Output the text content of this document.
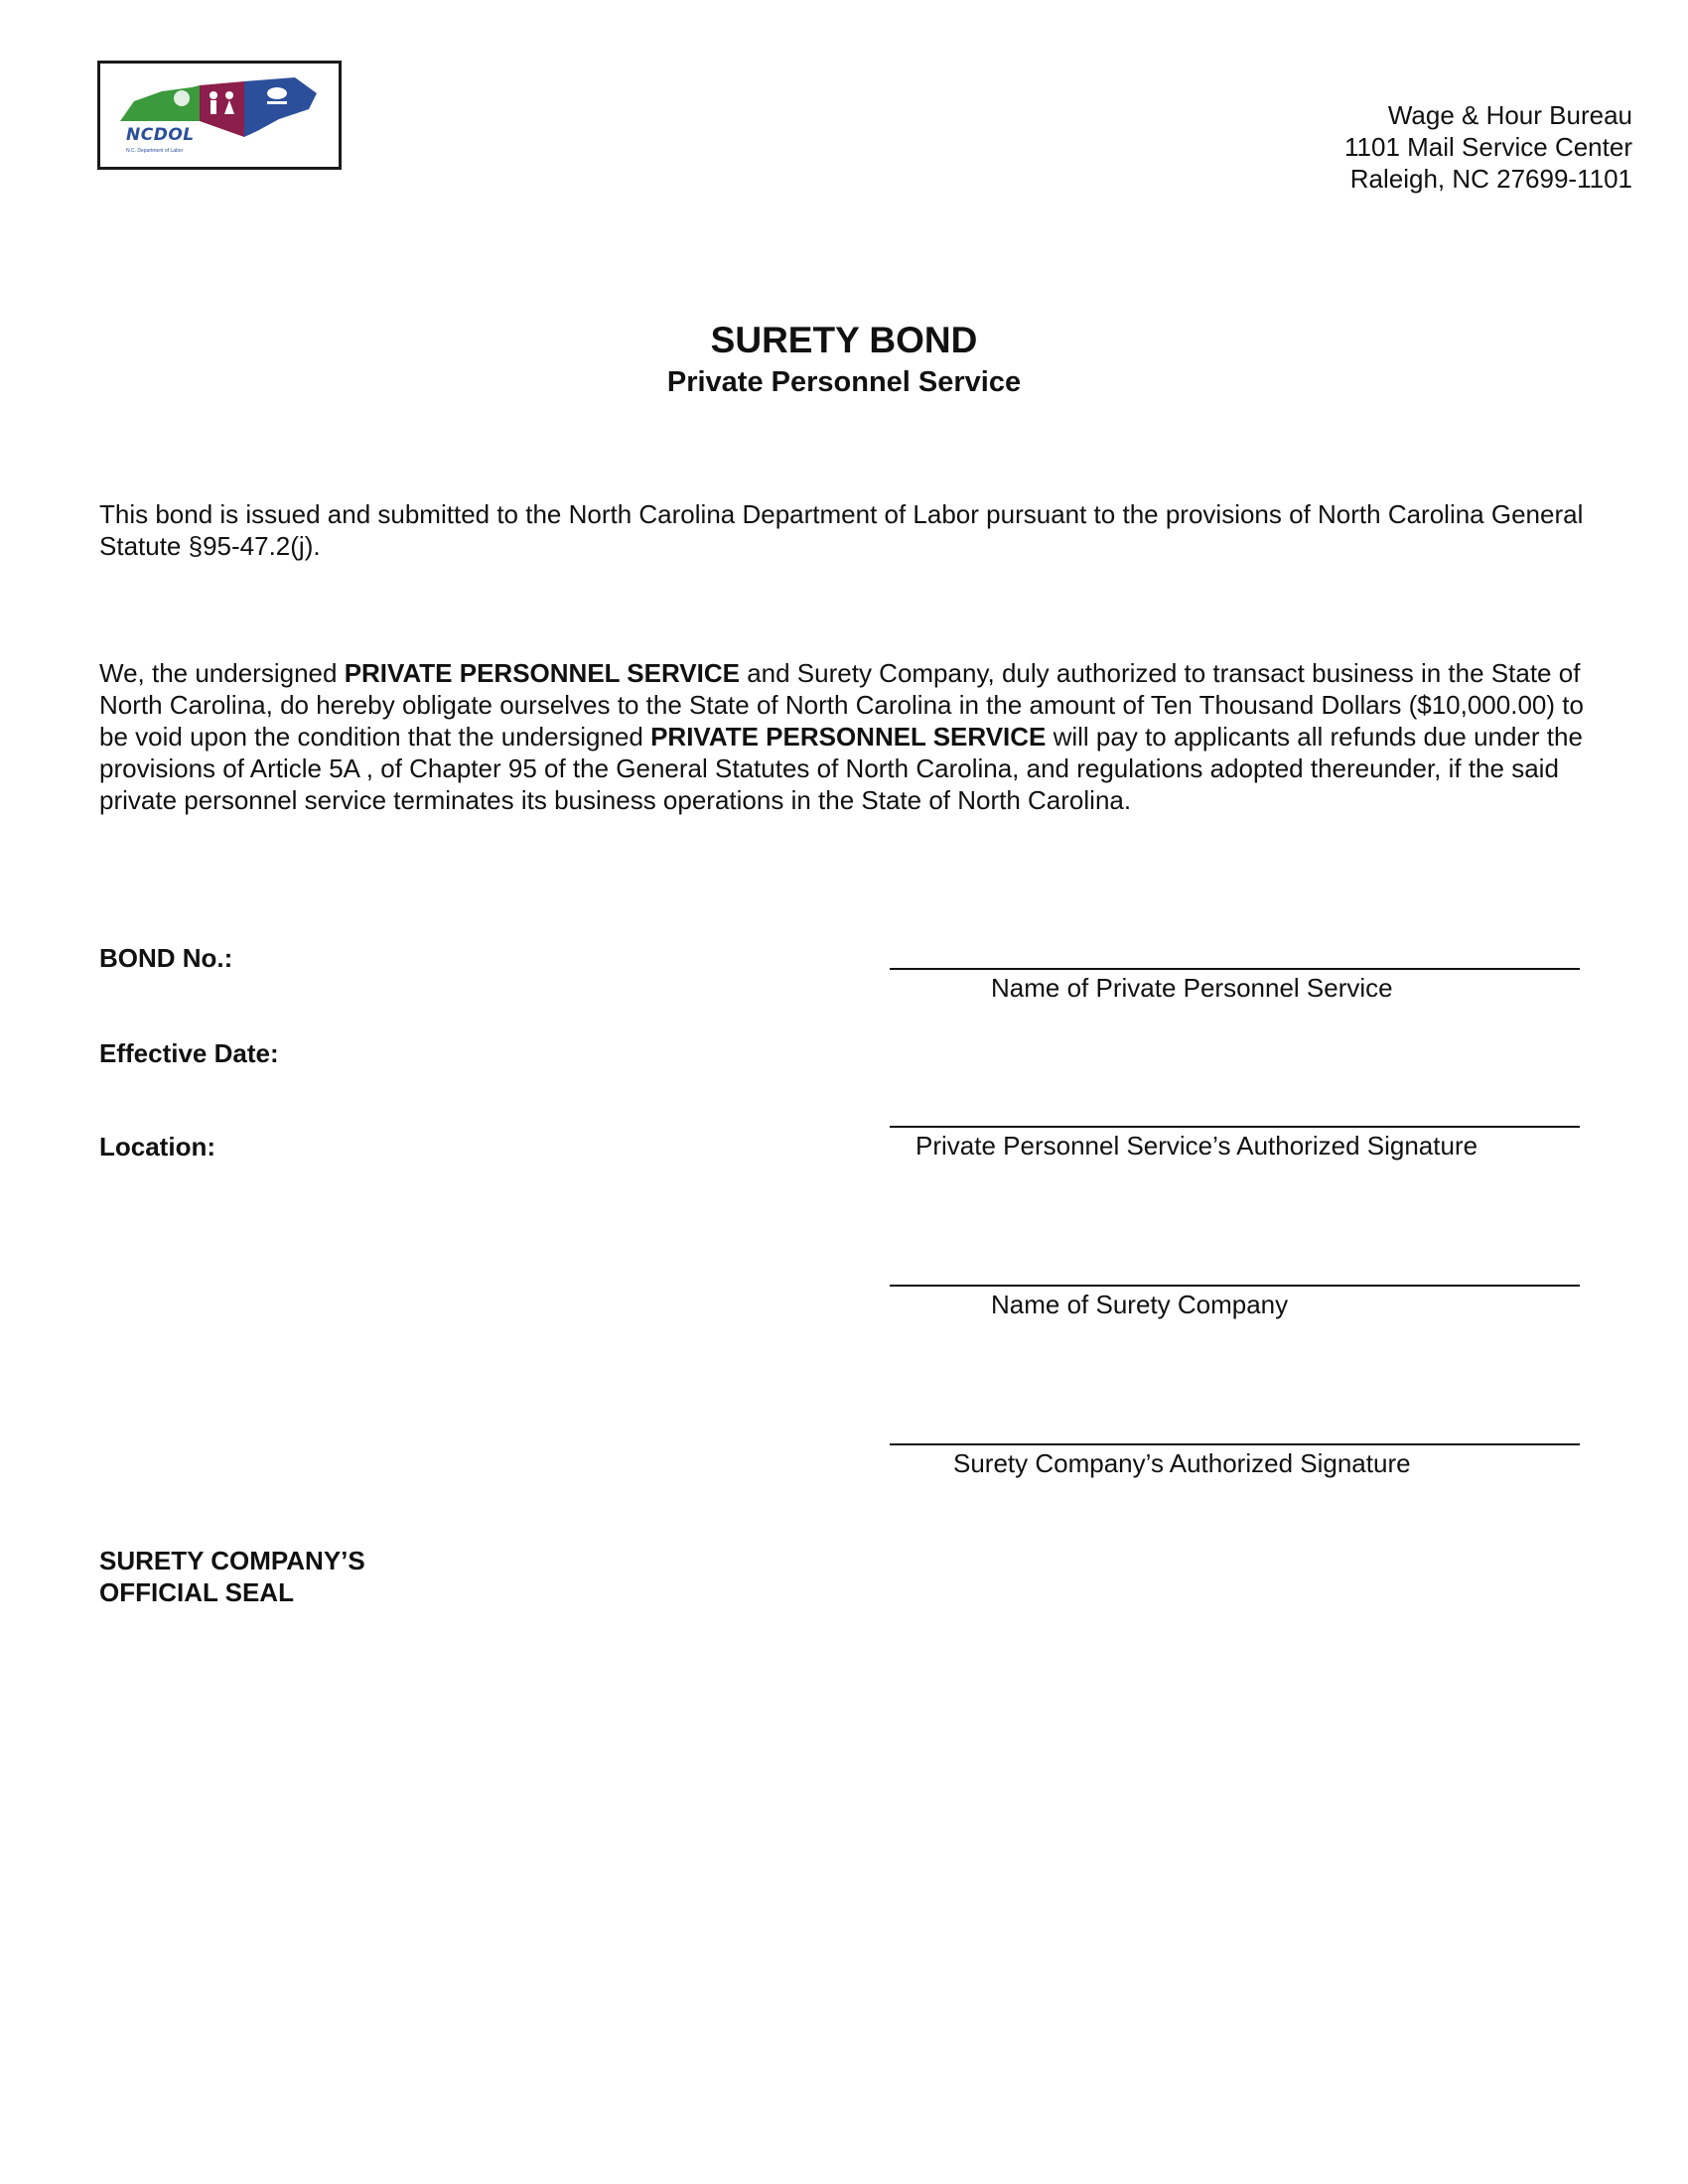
NCDOL
N.C. Department of Labor
Wage & Hour Bureau
1101 Mail Service Center
Raleigh, NC 27699-1101
SURETY BOND
Private Personnel Service
This bond is issued and submitted to the North Carolina Department of Labor pursuant to the provisions of North Carolina General Statute §95-47.2(j).
We, the undersigned PRIVATE PERSONNEL SERVICE and Surety Company, duly authorized to transact business in the State of North Carolina, do hereby obligate ourselves to the State of North Carolina in the amount of Ten Thousand Dollars ($10,000.00) to be void upon the condition that the undersigned PRIVATE PERSONNEL SERVICE will pay to applicants all refunds due under the provisions of Article 5A , of Chapter 95 of the General Statutes of North Carolina, and regulations adopted thereunder, if the said private personnel service terminates its business operations in the State of North Carolina.
BOND No.:
Effective Date:
Location:
Name of Private Personnel Service
Private Personnel Service’s Authorized Signature
Name of Surety Company
Surety Company’s Authorized Signature
SURETY COMPANY’S
OFFICIAL SEAL
